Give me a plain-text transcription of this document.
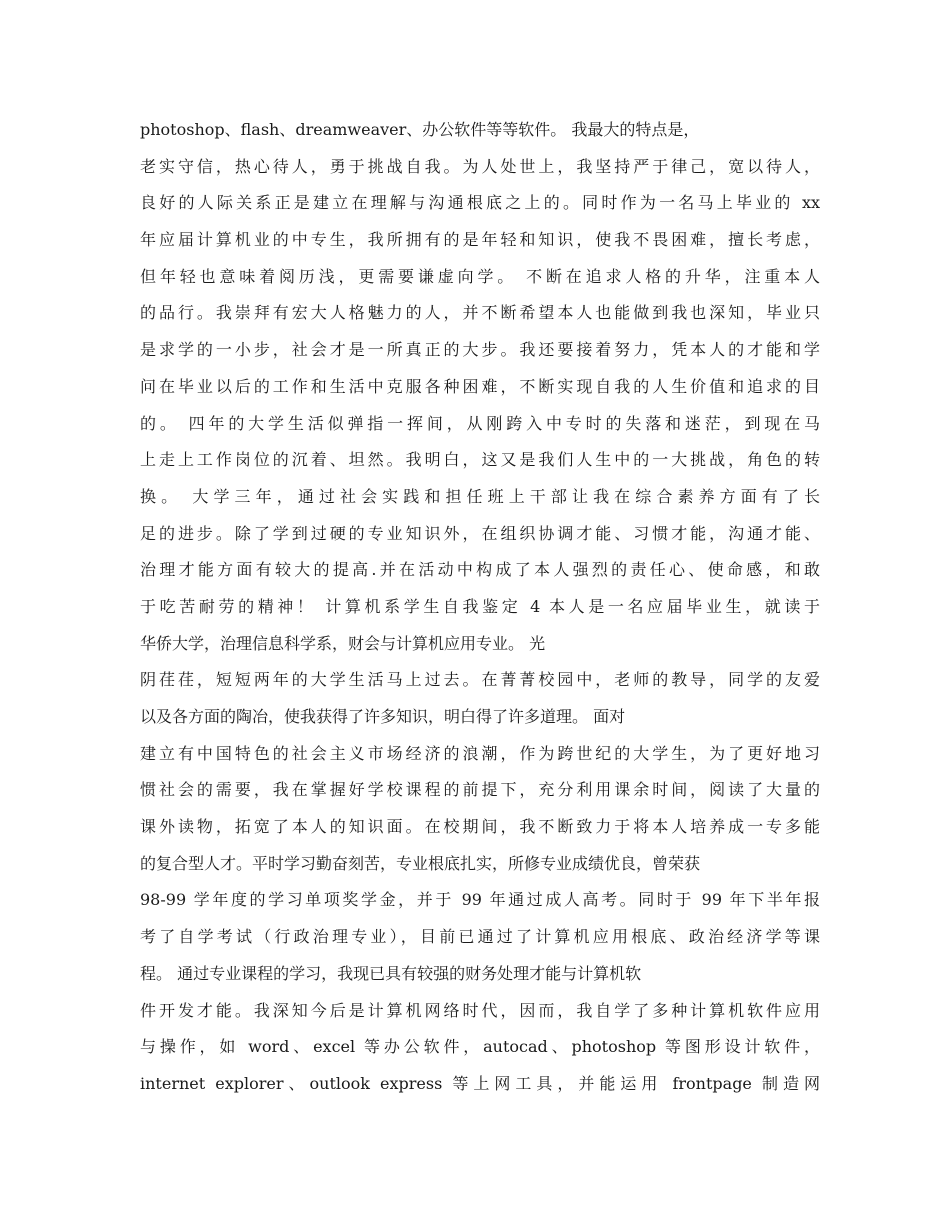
photoshop、flash、dreamweaver、办公软件等等软件。 我最大的特点是，
老实守信，热心待人，勇于挑战自我。为人处世上，我坚持严于律己，宽以待人，
良好的人际关系正是建立在理解与沟通根底之上的。同时作为一名马上毕业的 xx
年应届计算机业的中专生，我所拥有的是年轻和知识，使我不畏困难，擅长考虑，
但年轻也意味着阅历浅，更需要谦虚向学。 不断在追求人格的升华，注重本人
的品行。我崇拜有宏大人格魅力的人，并不断希望本人也能做到我也深知，毕业只
是求学的一小步，社会才是一所真正的大步。我还要接着努力，凭本人的才能和学
问在毕业以后的工作和生活中克服各种困难，不断实现自我的人生价值和追求的目
的。 四年的大学生活似弹指一挥间，从刚跨入中专时的失落和迷茫，到现在马
上走上工作岗位的沉着、坦然。我明白，这又是我们人生中的一大挑战，角色的转
换。 大学三年，通过社会实践和担任班上干部让我在综合素养方面有了长
足的进步。除了学到过硬的专业知识外，在组织协调才能、习惯才能，沟通才能、
治理才能方面有较大的提高.并在活动中构成了本人强烈的责任心、使命感，和敢
于吃苦耐劳的精神！ 计算机系学生自我鉴定 4 本人是一名应届毕业生，就读于
华侨大学，治理信息科学系，财会与计算机应用专业。 光
阴荏荏，短短两年的大学生活马上过去。在菁菁校园中，老师的教导，同学的友爱
以及各方面的陶冶，使我获得了许多知识，明白得了许多道理。 面对
建立有中国特色的社会主义市场经济的浪潮，作为跨世纪的大学生，为了更好地习
惯社会的需要，我在掌握好学校课程的前提下，充分利用课余时间，阅读了大量的
课外读物，拓宽了本人的知识面。在校期间，我不断致力于将本人培养成一专多能
的复合型人才。平时学习勤奋刻苦，专业根底扎实，所修专业成绩优良，曾荣获
98-99 学年度的学习单项奖学金，并于 99 年通过成人高考。同时于 99 年下半年报
考了自学考试（行政治理专业），目前已通过了计算机应用根底、政治经济学等课
程。 通过专业课程的学习，我现已具有较强的财务处理才能与计算机软
件开发才能。我深知今后是计算机网络时代，因而，我自学了多种计算机软件应用
与操作，如 word、excel 等办公软件，autocad、photoshop 等图形设计软件，
internet explorer、outlook express 等上网工具，并能运用 frontpage 制造网
